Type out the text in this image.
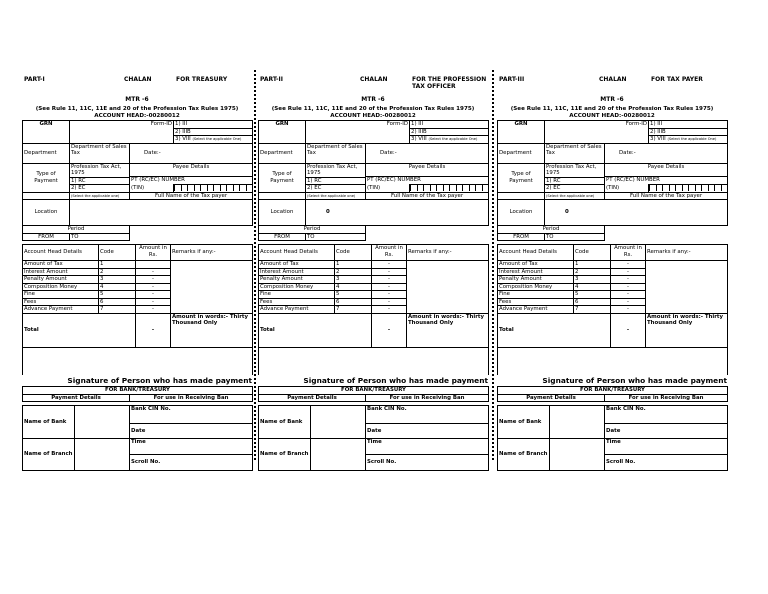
PART-I	CHALAN	FOR TREASURY

MTR -6
(See Rule 11, 11C, 11E and 20 of the Profession Tax Rules 1975)
ACCOUNT HEAD:-00280012
GRN	Form-ID		1) III
			2) IIIB
			3) VIII (Select the applicable One)
Department	Department of Sales Tax	Date:-	
Type of Payment	Profession Tax Act, 1975	Payee Details	

	1) RC	PT (RC/EC) NUMBER	
	2) EC	(TIN)	

	(Select the applicable one)	Full Name of the Tax payer	
Location			
Period			
FROM	TO		
Account Head Details	Code	Amount in Rs.	Remarks if any:-
Amount of Tax	1		
Interest Amount	2	-	
Penalty Amount	3	-	
Composition Money	4	-	
Fine	5	-	
Fees	6	-	
Advance Payment	7	-	
Total		-	Amount in words:- Thirty Thousand Only

Signature of Person who has made payment
FOR BANK/TREASURY
Payment Details	For use in Receiving Ban
Name of Bank		Bank CIN No.
		Date
Name of Branch		Time
		Scroll No.
PART-II	CHALAN	FOR THE PROFESSION
TAX OFFICER
MTR -6
(See Rule 11, 11C, 11E and 20 of the Profession Tax Rules 1975)
ACCOUNT HEAD:-00280012
GRN	Form-ID		1) III
			2) IIIB
			3) VIII (Select the applicable One)
Department	Department of Sales Tax	Date:-	
Type of Payment	Profession Tax Act, 1975	Payee Details	

	1) RC	PT (RC/EC) NUMBER	
	2) EC	(TIN)	

	(Select the applicable one)	Full Name of the Tax payer	
Location	0		
Period			
FROM	TO		
Account Head Details	Code	Amount in Rs.	Remarks if any:-
Amount of Tax	1	-	
Interest Amount	2	-	
Penalty Amount	3	-	
Composition Money	4	-	
Fine	5	-	
Fees	6	-	
Advance Payment	7	-	
Total		-	Amount in words:- Thirty Thousand Only

Signature of Person who has made payment
FOR BANK/TREASURY
Payment Details	For use in Receiving Ban
Name of Bank		Bank CIN No.
		Date
Name of Branch		Time
		Scroll No.
PART-III	CHALAN	FOR TAX PAYER

MTR -6
(See Rule 11, 11C, 11E and 20 of the Profession Tax Rules 1975)
ACCOUNT HEAD:-00280012
GRN	Form-ID		1) III
			2) IIIB
			3) VIII (Select the applicable One)
Department	Department of Sales Tax	Date:-	
Type of Payment	Profession Tax Act, 1975	Payee Details	

	1) RC	PT (RC/EC) NUMBER	
	2) EC	(TIN)	

	(Select the applicable one)	Full Name of the Tax payer	
Location	0		
Period			
FROM	TO		
Account Head Details	Code	Amount in Rs.	Remarks if any:-
Amount of Tax	1	-	
Interest Amount	2	-	
Penalty Amount	3	-	
Composition Money	4	-	
Fine	5	-	
Fees	6	-	
Advance Payment	7	-	
Total		-	Amount in words:- Thirty Thousand Only

Signature of Person who has made payment
FOR BANK/TREASURY
Payment Details	For use in Receiving Ban
Name of Bank		Bank CIN No.
		Date
Name of Branch		Time
		Scroll No.
